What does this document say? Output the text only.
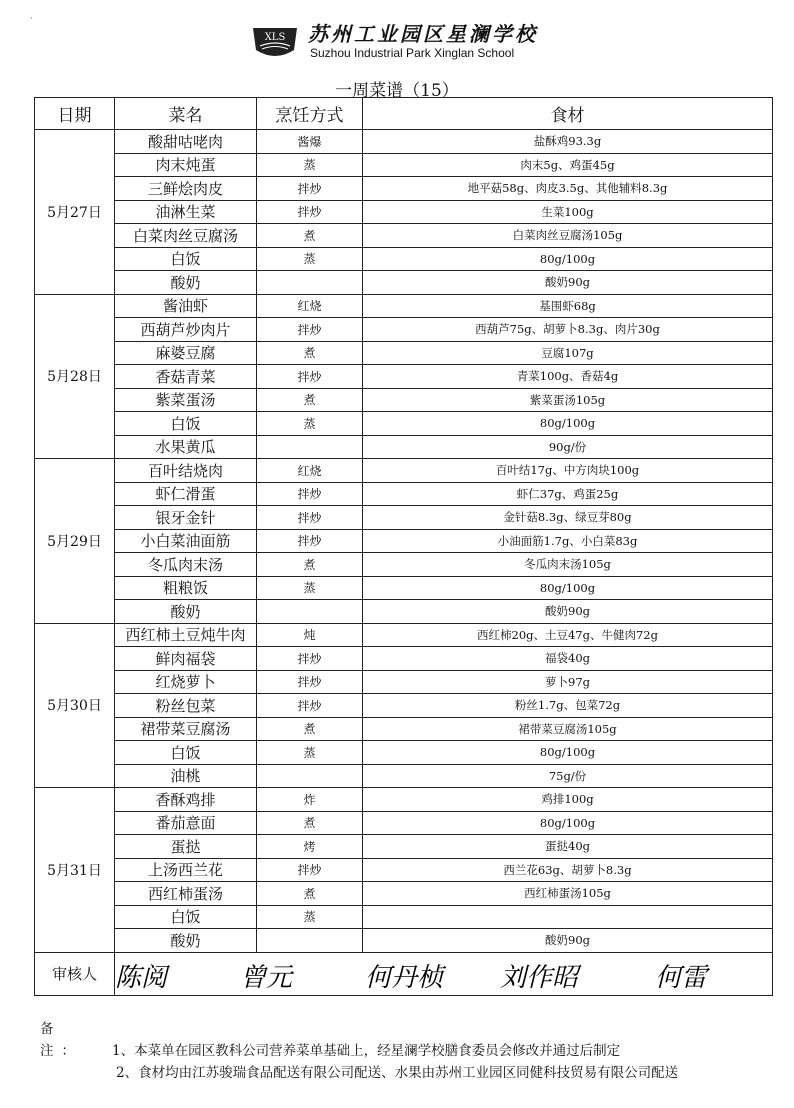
·
XLS 苏州工业园区星澜学校
Suzhou Industrial Park Xinglan School
一周菜谱（15）
日期	菜名	烹饪方式	食材
5月27日	酸甜咕咾肉	酱爆	盐酥鸡93.3g
	肉末炖蛋	蒸	肉末5g、鸡蛋45g
	三鲜烩肉皮	拌炒	地平菇58g、肉皮3.5g、其他辅料8.3g
	油淋生菜	拌炒	生菜100g
	白菜肉丝豆腐汤	煮	白菜肉丝豆腐汤105g
	白饭	蒸	80g/100g
	酸奶		酸奶90g
5月28日	酱油虾	红烧	基围虾68g
	西葫芦炒肉片	拌炒	西葫芦75g、胡萝卜8.3g、肉片30g
	麻婆豆腐	煮	豆腐107g
	香菇青菜	拌炒	青菜100g、香菇4g
	紫菜蛋汤	煮	紫菜蛋汤105g
	白饭	蒸	80g/100g
	水果黄瓜		90g/份
5月29日	百叶结烧肉	红烧	百叶结17g、中方肉块100g
	虾仁滑蛋	拌炒	虾仁37g、鸡蛋25g
	银牙金针	拌炒	金针菇8.3g、绿豆芽80g
	小白菜油面筋	拌炒	小油面筋1.7g、小白菜83g
	冬瓜肉末汤	煮	冬瓜肉末汤105g
	粗粮饭	蒸	80g/100g
	酸奶		酸奶90g
5月30日	西红柿土豆炖牛肉	炖	西红柿20g、土豆47g、牛健肉72g
	鲜肉福袋	拌炒	福袋40g
	红烧萝卜	拌炒	萝卜97g
	粉丝包菜	拌炒	粉丝1.7g、包菜72g
	裙带菜豆腐汤	煮	裙带菜豆腐汤105g
	白饭	蒸	80g/100g
	油桃		75g/份
5月31日	香酥鸡排	炸	鸡排100g
	番茄意面	煮	80g/100g
	蛋挞	烤	蛋挞40g
	上汤西兰花	拌炒	西兰花63g、胡萝卜8.3g
	西红柿蛋汤	煮	西红柿蛋汤105g
	白饭	蒸	
	酸奶		酸奶90g
审核人	陈阅 曾元 何丹桢 刘作昭 何雷		
备 注： 1、本菜单在园区教科公司营养菜单基础上，经星澜学校膳食委员会修改并通过后制定
2、食材均由江苏骏瑞食品配送有限公司配送、水果由苏州工业园区同健科技贸易有限公司配送
